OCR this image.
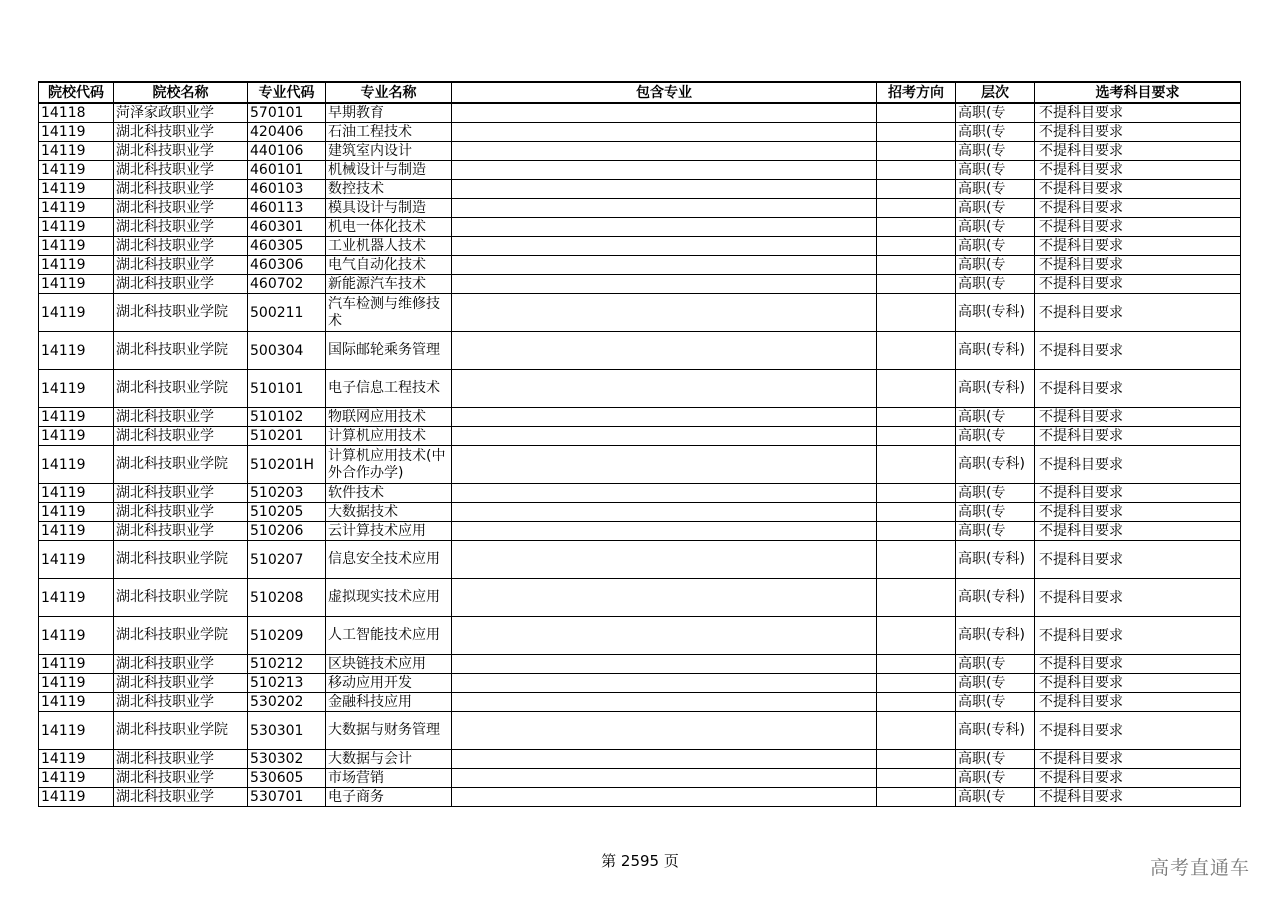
院校代码	院校名称	专业代码	专业名称	包含专业	招考方向	层次	选考科目要求
14118	菏泽家政职业学	570101	早期教育			高职(专	不提科目要求
14119	湖北科技职业学	420406	石油工程技术			高职(专	不提科目要求
14119	湖北科技职业学	440106	建筑室内设计			高职(专	不提科目要求
14119	湖北科技职业学	460101	机械设计与制造			高职(专	不提科目要求
14119	湖北科技职业学	460103	数控技术			高职(专	不提科目要求
14119	湖北科技职业学	460113	模具设计与制造			高职(专	不提科目要求
14119	湖北科技职业学	460301	机电一体化技术			高职(专	不提科目要求
14119	湖北科技职业学	460305	工业机器人技术			高职(专	不提科目要求
14119	湖北科技职业学	460306	电气自动化技术			高职(专	不提科目要求
14119	湖北科技职业学	460702	新能源汽车技术			高职(专	不提科目要求
14119	湖北科技职业学院	500211	汽车检测与维修技术			高职(专科)	不提科目要求
14119	湖北科技职业学院	500304	国际邮轮乘务管理			高职(专科)	不提科目要求
14119	湖北科技职业学院	510101	电子信息工程技术			高职(专科)	不提科目要求
14119	湖北科技职业学	510102	物联网应用技术			高职(专	不提科目要求
14119	湖北科技职业学	510201	计算机应用技术			高职(专	不提科目要求
14119	湖北科技职业学院	510201H	计算机应用技术(中外合作办学)			高职(专科)	不提科目要求
14119	湖北科技职业学	510203	软件技术			高职(专	不提科目要求
14119	湖北科技职业学	510205	大数据技术			高职(专	不提科目要求
14119	湖北科技职业学	510206	云计算技术应用			高职(专	不提科目要求
14119	湖北科技职业学院	510207	信息安全技术应用			高职(专科)	不提科目要求
14119	湖北科技职业学院	510208	虚拟现实技术应用			高职(专科)	不提科目要求
14119	湖北科技职业学院	510209	人工智能技术应用			高职(专科)	不提科目要求
14119	湖北科技职业学	510212	区块链技术应用			高职(专	不提科目要求
14119	湖北科技职业学	510213	移动应用开发			高职(专	不提科目要求
14119	湖北科技职业学	530202	金融科技应用			高职(专	不提科目要求
14119	湖北科技职业学院	530301	大数据与财务管理			高职(专科)	不提科目要求
14119	湖北科技职业学	530302	大数据与会计			高职(专	不提科目要求
14119	湖北科技职业学	530605	市场营销			高职(专	不提科目要求
14119	湖北科技职业学	530701	电子商务			高职(专	不提科目要求
第 2595 页	高考直通车
